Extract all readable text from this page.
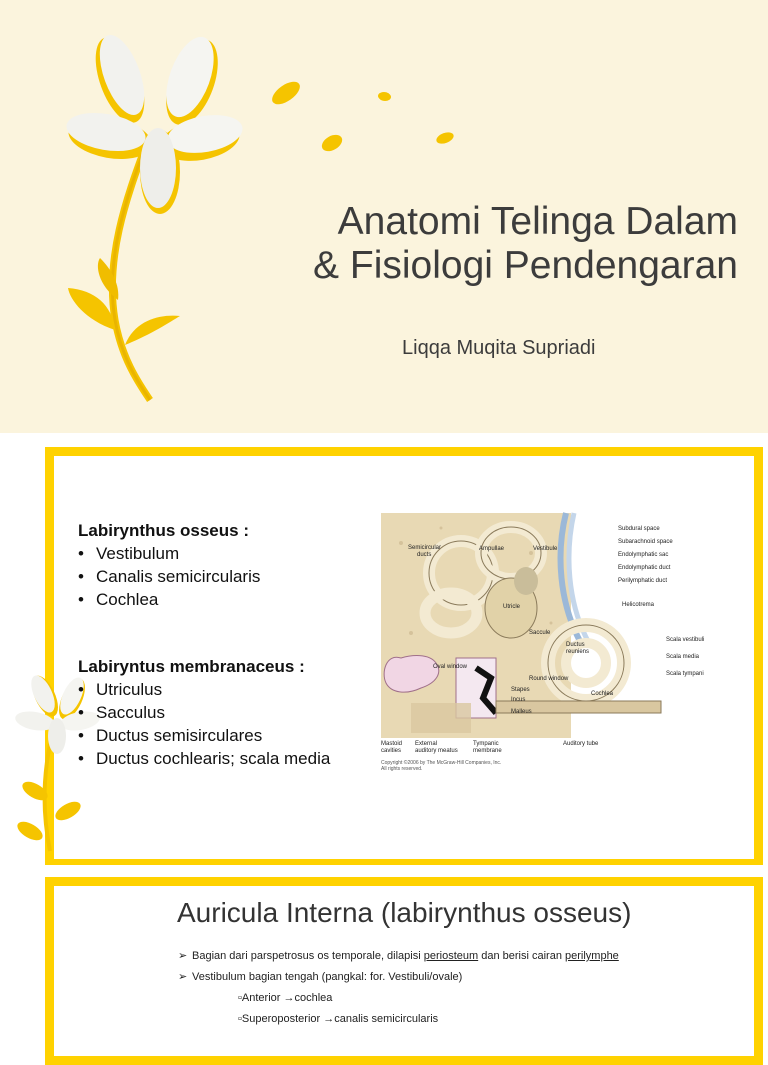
Anatomi Telinga Dalam
& Fisiologi Pendengaran
Liqqa Muqita Supriadi
Labirynthus osseus :
• Vestibulum
• Canalis semicircularis
• Cochlea
Labiryntus membranaceus :
• Utriculus
• Sacculus
• Ductus semisirculares
• Ductus cochlearis; scala media
Semicircular
ducts
Ampullae	Vestibule
Utricle
Saccule
Ductus
reuniens
Oval window
Round window
Stapes
Incus
Malleus
Cochlea
Subdural space
Subarachnoid space
Endolymphatic sac
Endolymphatic duct
Perilymphatic duct
Helicotrema
Mastoid
cavitiesExternal
auditory meatusTympanic
membraneAuditory tube
Copyright ©2006 by The McGraw-Hill Companies, Inc.
All rights reserved.
Auricula Interna (labirynthus osseus)
➢ Bagian dari parspetrosus os temporale, dilapisi periosteum dan berisi cairan perilymphe
➢ Vestibulum bagian tengah (pangkal: for. Vestibuli/ovale)
▫Anterior →cochlea
▫Superoposterior →canalis semicircularis
Scala vestibuli
Scala media
Scala tympani
